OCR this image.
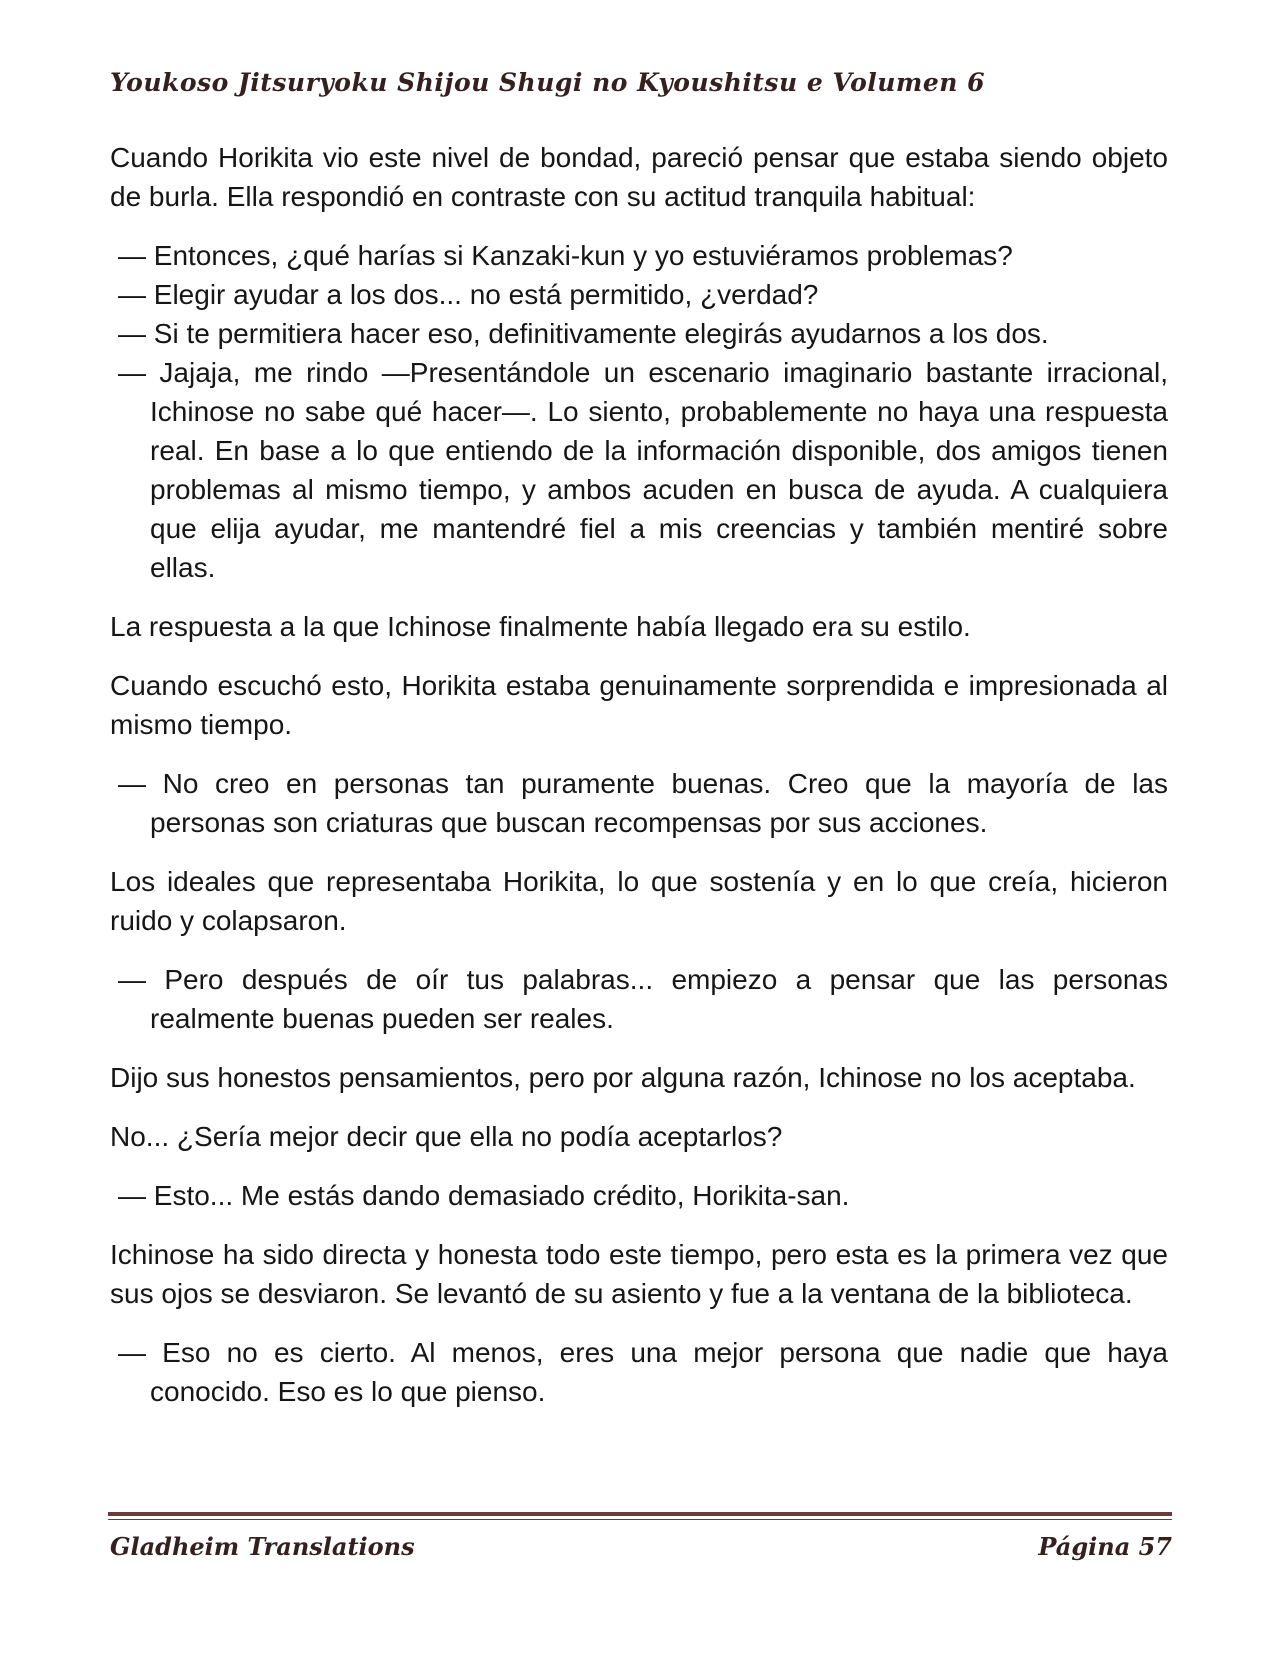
Youkoso Jitsuryoku Shijou Shugi no Kyoushitsu e Volumen 6

Cuando Horikita vio este nivel de bondad, pareció pensar que estaba siendo objeto de burla. Ella respondió en contraste con su actitud tranquila habitual:

— Entonces, ¿qué harías si Kanzaki-kun y yo estuviéramos problemas?

— Elegir ayudar a los dos... no está permitido, ¿verdad?

— Si te permitiera hacer eso, definitivamente elegirás ayudarnos a los dos.

— Jajaja, me rindo —Presentándole un escenario imaginario bastante irracional, Ichinose no sabe qué hacer—. Lo siento, probablemente no haya una respuesta real. En base a lo que entiendo de la información disponible, dos amigos tienen problemas al mismo tiempo, y ambos acuden en busca de ayuda. A cualquiera que elija ayudar, me mantendré fiel a mis creencias y también mentiré sobre ellas.

La respuesta a la que Ichinose finalmente había llegado era su estilo.

Cuando escuchó esto, Horikita estaba genuinamente sorprendida e impresionada al mismo tiempo.

— No creo en personas tan puramente buenas. Creo que la mayoría de las personas son criaturas que buscan recompensas por sus acciones.

Los ideales que representaba Horikita, lo que sostenía y en lo que creía, hicieron ruido y colapsaron.

— Pero después de oír tus palabras... empiezo a pensar que las personas realmente buenas pueden ser reales.

Dijo sus honestos pensamientos, pero por alguna razón, Ichinose no los aceptaba.

No... ¿Sería mejor decir que ella no podía aceptarlos?

— Esto... Me estás dando demasiado crédito, Horikita-san.

Ichinose ha sido directa y honesta todo este tiempo, pero esta es la primera vez que sus ojos se desviaron. Se levantó de su asiento y fue a la ventana de la biblioteca.

— Eso no es cierto. Al menos, eres una mejor persona que nadie que haya conocido. Eso es lo que pienso.

Gladheim Translations	Página 57
